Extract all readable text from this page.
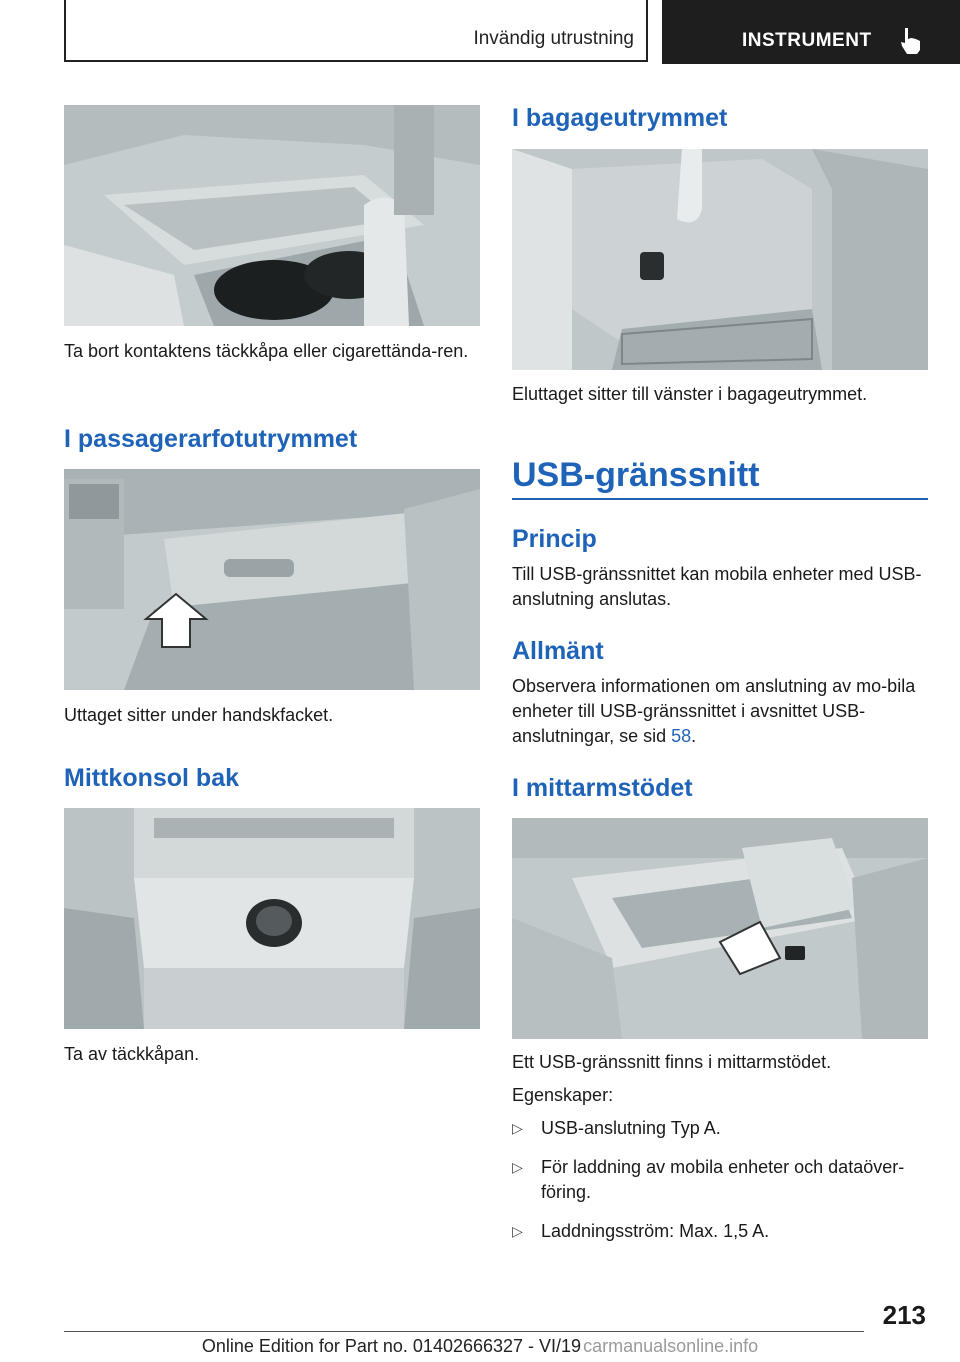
Invändig utrustning	INSTRUMENT

Ta bort kontaktens täckkåpa eller cigarettända-ren.

I passagerarfotutrymmet

Uttaget sitter under handskfacket.

Mittkonsol bak

Ta av täckkåpan.

I bagageutrymmet

Eluttaget sitter till vänster i bagageutrymmet.

USB-gränssnitt
Princip

Till USB-gränssnittet kan mobila enheter med USB-anslutning anslutas.

Allmänt

Observera informationen om anslutning av mo-bila enheter till USB-gränssnittet i avsnittet USB-anslutningar, se sid 58.

I mittarmstödet

Ett USB-gränssnitt finns i mittarmstödet.

Egenskaper:

▷ USB-anslutning Typ A.
▷ För laddning av mobila enheter och dataöver-föring.
▷ Laddningsström: Max. 1,5 A.
213
Online Edition for Part no. 01402666327 - VI/19 carmanualsonline.info
